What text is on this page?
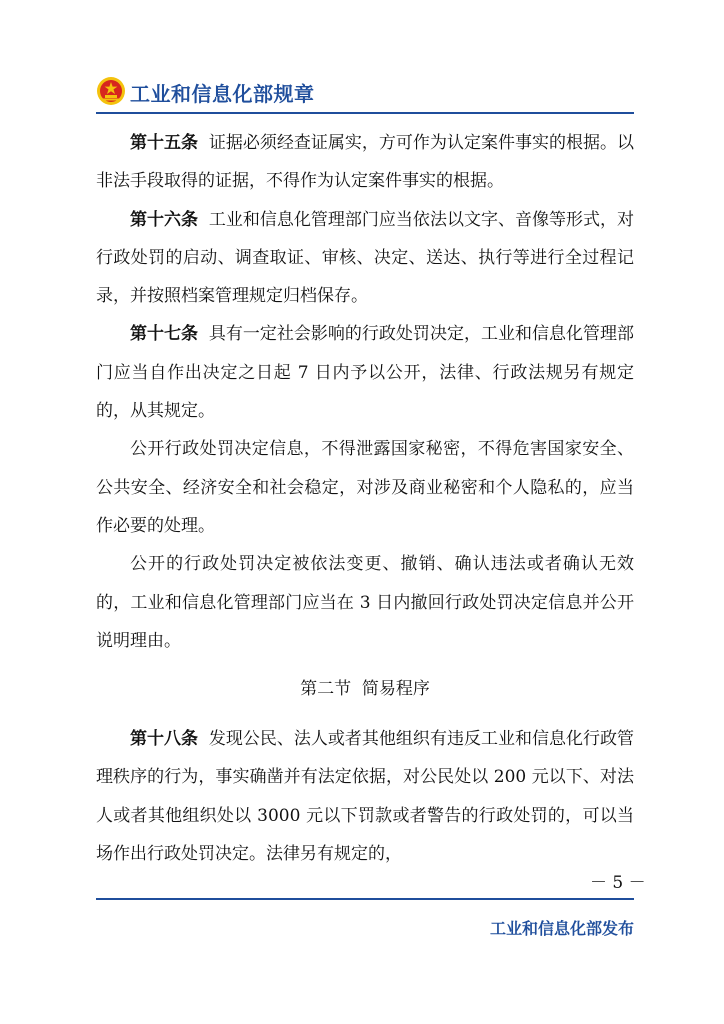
工业和信息化部规章

第十五条 证据必须经查证属实，方可作为认定案件事实的根据。以非法手段取得的证据，不得作为认定案件事实的根据。

第十六条 工业和信息化管理部门应当依法以文字、音像等形式，对行政处罚的启动、调查取证、审核、决定、送达、执行等进行全过程记录，并按照档案管理规定归档保存。

第十七条 具有一定社会影响的行政处罚决定，工业和信息化管理部门应当自作出决定之日起 7 日内予以公开，法律、行政法规另有规定的，从其规定。

公开行政处罚决定信息，不得泄露国家秘密，不得危害国家安全、公共安全、经济安全和社会稳定，对涉及商业秘密和个人隐私的，应当作必要的处理。

公开的行政处罚决定被依法变更、撤销、确认违法或者确认无效的，工业和信息化管理部门应当在 3 日内撤回行政处罚决定信息并公开说明理由。

第二节  简易程序

第十八条 发现公民、法人或者其他组织有违反工业和信息化行政管理秩序的行为，事实确凿并有法定依据，对公民处以 200 元以下、对法人或者其他组织处以 3000 元以下罚款或者警告的行政处罚的，可以当场作出行政处罚决定。法律另有规定的，

－ 5 －
工业和信息化部发布
